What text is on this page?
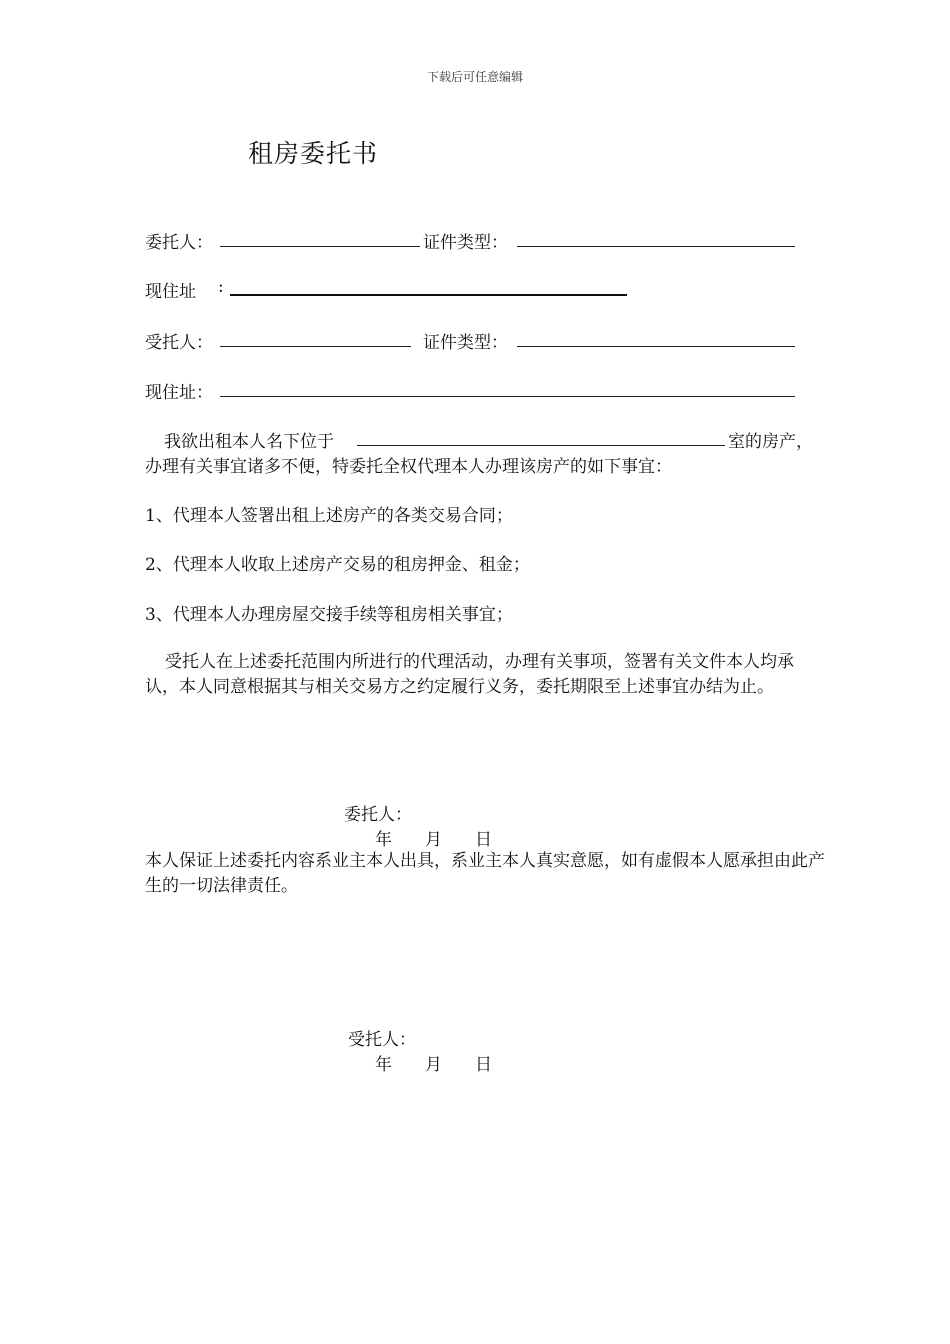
下载后可任意编辑
租房委托书
委托人：	证件类型：
现住址 :
受托人：	证件类型：
现住址：
我欲出租本人名下位于	室的房产，
办理有关事宜诸多不便，特委托全权代理本人办理该房产的如下事宜：
1、代理本人签署出租上述房产的各类交易合同；
2、代理本人收取上述房产交易的租房押金、租金；
3、代理本人办理房屋交接手续等租房相关事宜；
受托人在上述委托范围内所进行的代理活动，办理有关事项，签署有关文件本人均承认，本人同意根据其与相关交易方之约定履行义务，委托期限至上述事宜办结为止。
委托人：
年 月 日
本人保证上述委托内容系业主本人出具，系业主本人真实意愿，如有虚假本人愿承担由此产生的一切法律责任。
受托人：
年 月 日
